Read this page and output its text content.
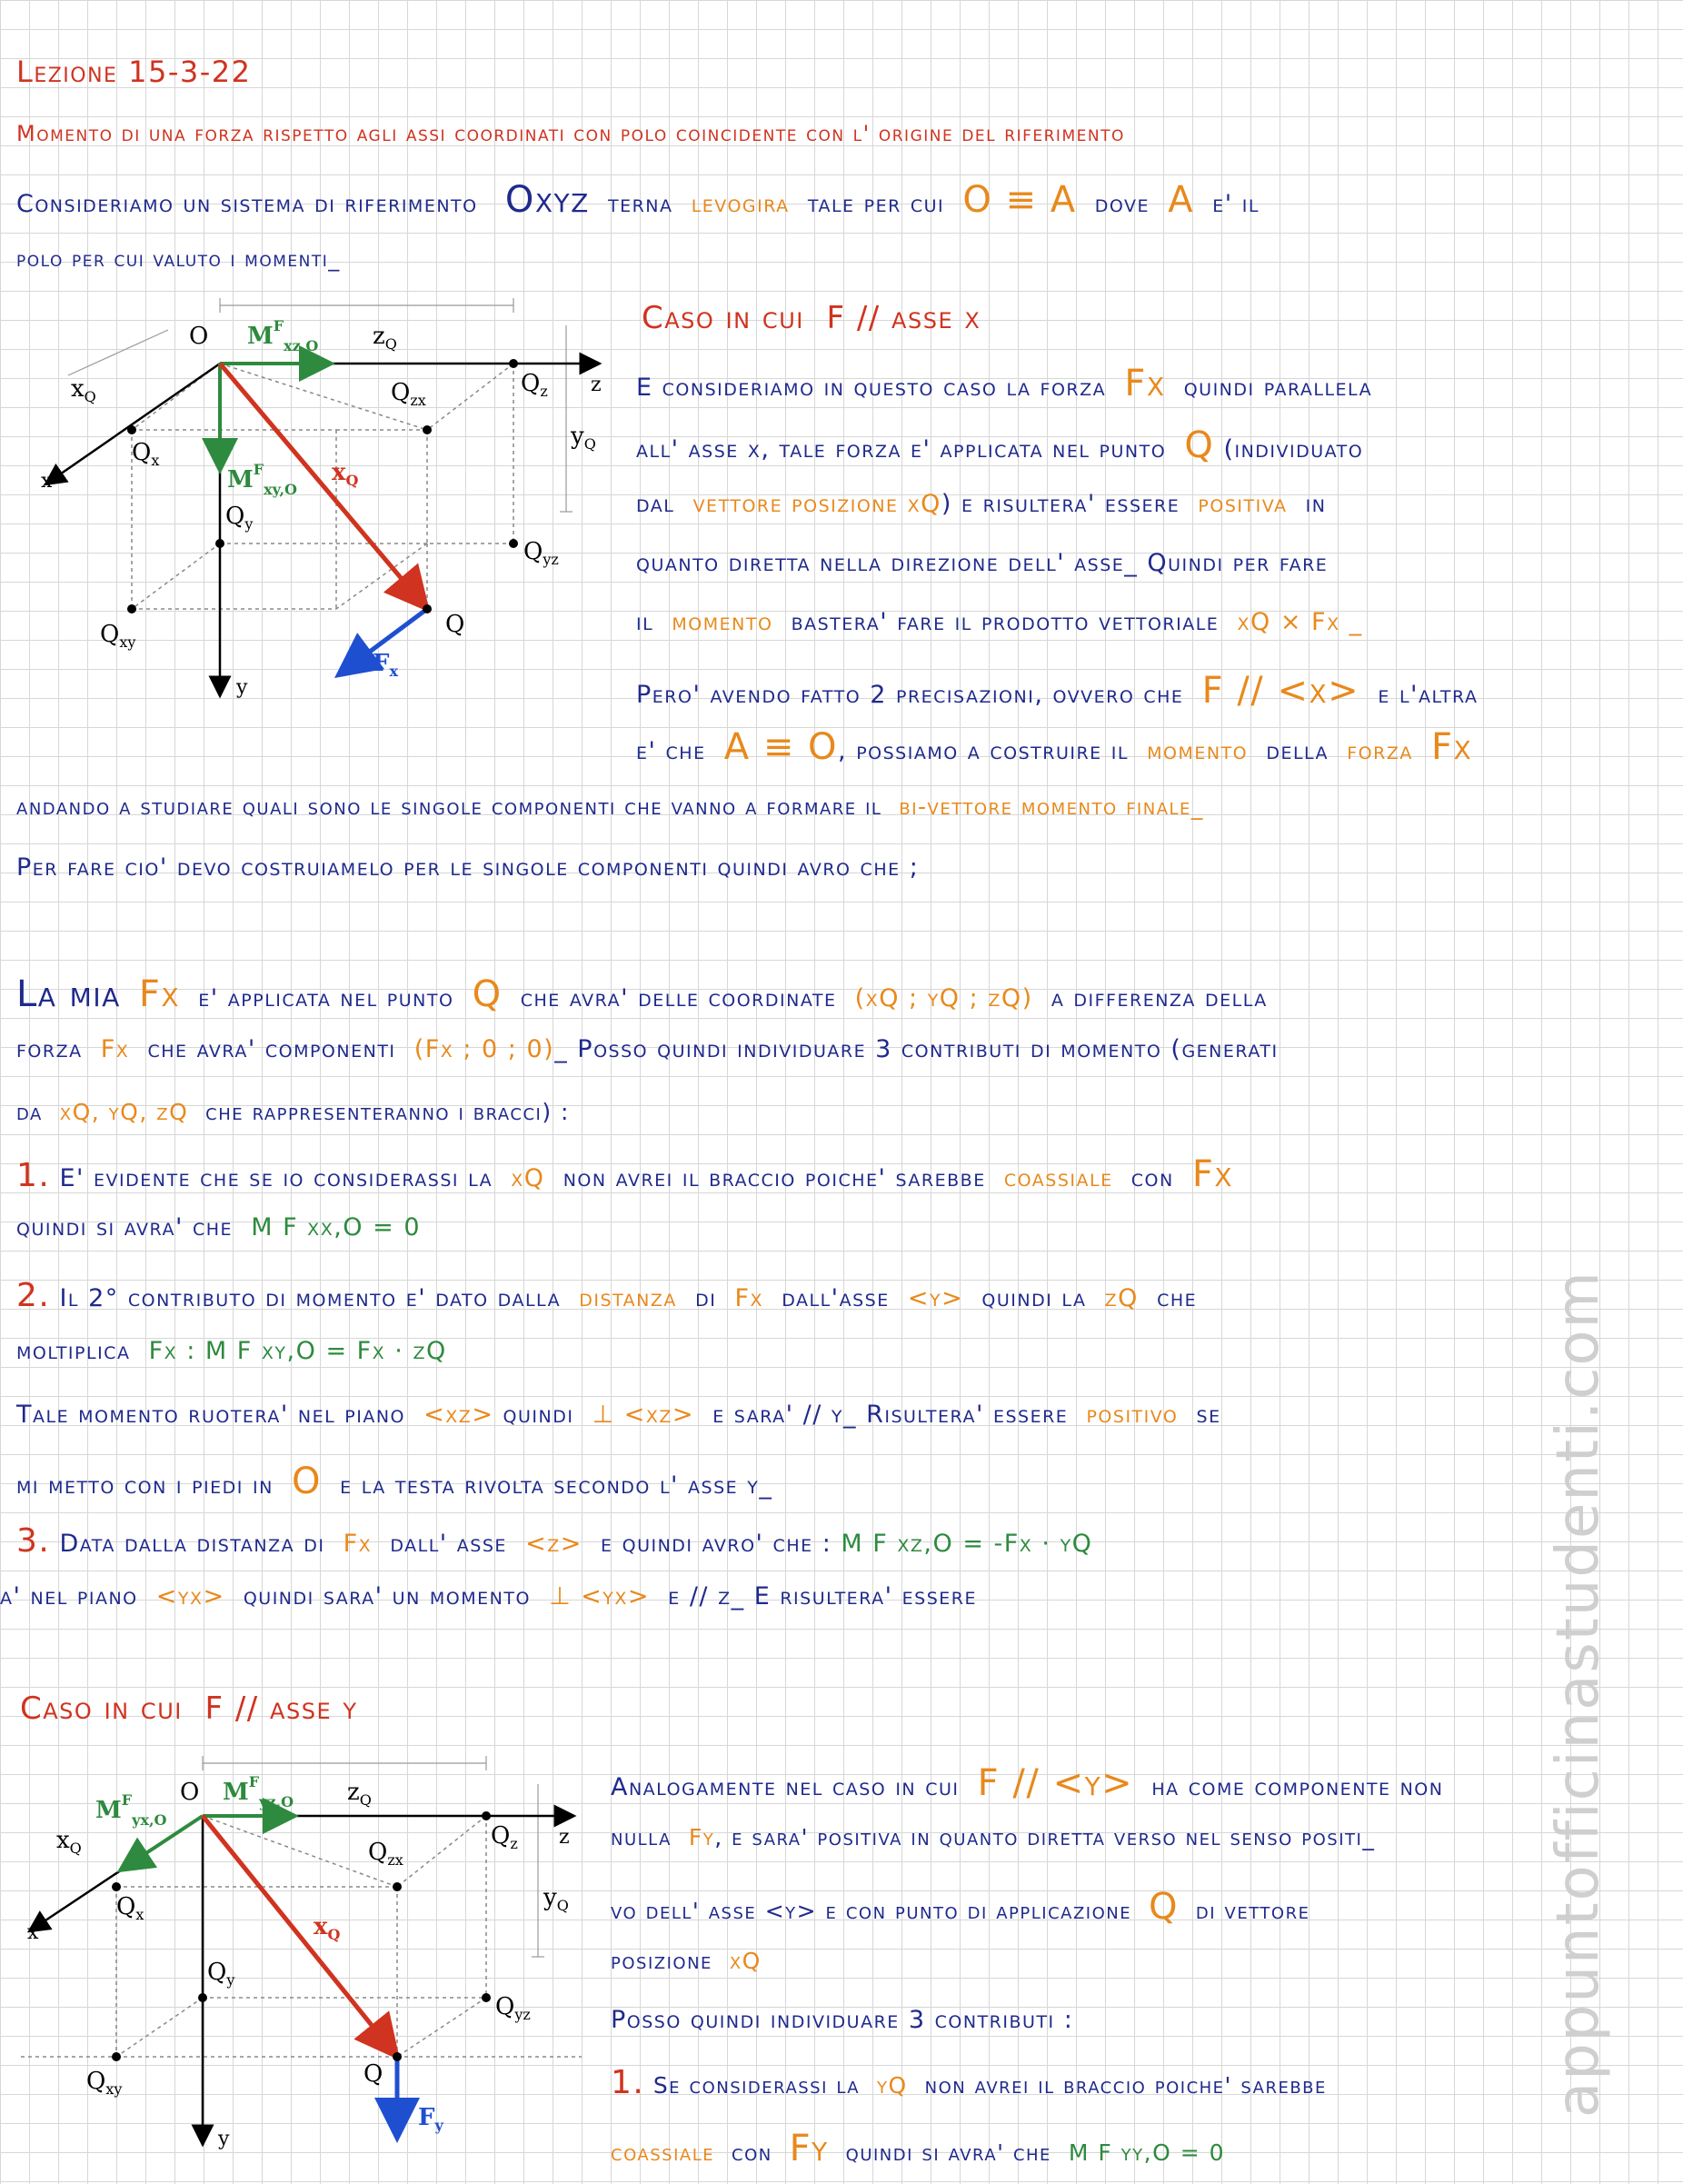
Lezione 15-3-22
Momento di una forza rispetto agli assi coordinati con polo coincidente con l' origine del riferimento
Consideriamo un sistema di riferimento Oxyz terna levogira tale per cui O ≡ A dove A e' il
polo per cui valuto i momenti_
O $M^F_{xz,O}$ $z_Q$
$x_Q$	$Q_{zx}$
$Q_z$ z
$Q_x$
$y_Q$
x	$M^F_{xy,O}$
$x_Q$
$Q_y$
$Q_{yz}$
Q
$Q_{xy}$
$F_x$
y
Caso in cui F // asse x
E consideriamo in questo caso la forza Fx quindi parallela
all' asse x, tale forza e' applicata nel punto Q (individuato
dal vettore posizione xQ) e risultera' essere positiva in
quanto diretta nella direzione dell' asse_ Quindi per fare
il momento bastera' fare il prodotto vettoriale xQ × Fx _
Pero' avendo fatto 2 precisazioni, ovvero che F // <x> e l'altra
e' che A ≡ O, possiamo a costruire il momento della forza Fx
andando a studiare quali sono le singole componenti che vanno a formare il bi-vettore momento finale_
Per fare cio' devo costruiamelo per le singole componenti quindi avro che ;
La mia Fx e' applicata nel punto Q che avra' delle coordinate (xQ ; yQ ; zQ) a differenza della
forza Fx che avra' componenti (Fx ; 0 ; 0)_ Posso quindi individuare 3 contributi di momento (generati
da xQ, yQ, zQ che rappresenteranno i bracci) :
1. E' evidente che se io considerassi la xQ non avrei il braccio poiche' sarebbe coassiale con Fx
quindi si avra' che M F xx,O = 0
2. Il 2° contributo di momento e' dato dalla distanza di Fx dall'asse <y> quindi la zQ che
moltiplica Fx : M F xy,O = Fx · zQ
Tale momento ruotera' nel piano <xz> quindi ⊥ <xz> e sara' // y_ Risultera' essere positivo se
mi metto con i piedi in O e la testa rivolta secondo l' asse y_
3. Data dalla distanza di Fx dall' asse <z> e quindi avro' che : M F xz,O = -Fx · yQ
a' nel piano <yx> quindi sara' un momento ⊥ <yx> e // z_ E risultera' essere
Caso in cui F // asse y
O $M^F_{yz,O}$
$M^F_{yx,O}$
$z_Q$
$x_Q$	$Q_{zx}$
$Q_z$ z
$Q_x$
$y_Q$
x	$x_Q$
$Q_y$
$Q_{yz}$
Q
$Q_{xy}$
$F_y$
y
Analogamente nel caso in cui F // <y> ha come componente non
nulla Fy, e sara' positiva in quanto diretta verso nel senso positi_
vo dell' asse <y> e con punto di applicazione Q di vettore
posizione xQ
Posso quindi individuare 3 contributi :
1. Se considerassi la yQ non avrei il braccio poiche' sarebbe
coassiale con Fy quindi si avra' che M F yy,O = 0
appuntofficinastudenti.com
